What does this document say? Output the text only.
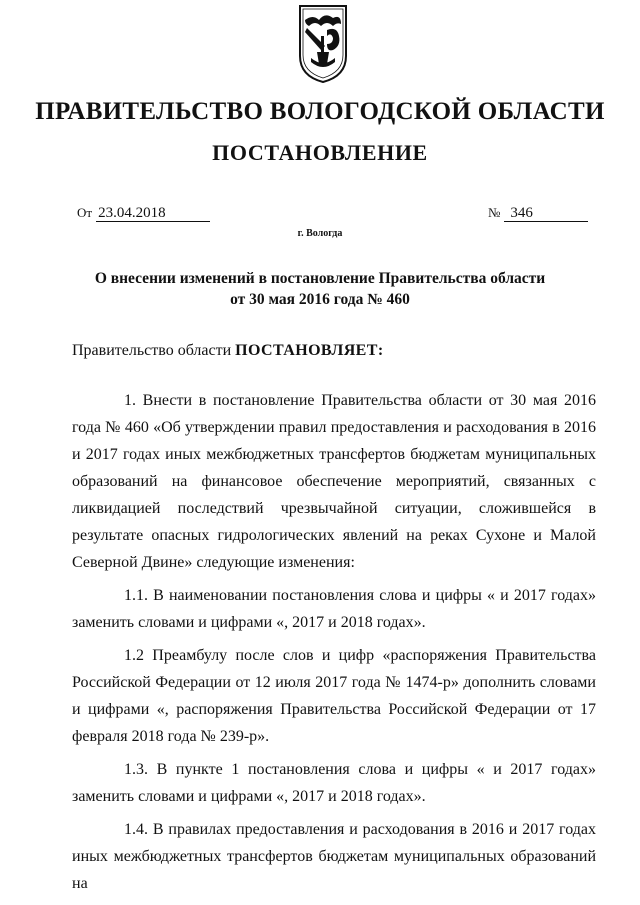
ПРАВИТЕЛЬСТВО ВОЛОГОДСКОЙ ОБЛАСТИ
ПОСТАНОВЛЕНИЕ
От 23.04.2018	№ 346
г. Вологда
О внесении изменений в постановление Правительства области
от 30 мая 2016 года № 460
Правительство области ПОСТАНОВЛЯЕТ:

1. Внести в постановление Правительства области от 30 мая 2016 года № 460 «Об утверждении правил предоставления и расходования в 2016 и 2017 годах иных межбюджетных трансфертов бюджетам муниципальных образований на финансовое обеспечение мероприятий, связанных с ликвидацией последствий чрезвычайной ситуации, сложившейся в результате опасных гидрологических явлений на реках Сухоне и Малой Северной Двине» следующие изменения:

1.1. В наименовании постановления слова и цифры « и 2017 годах» заменить словами и цифрами «, 2017 и 2018 годах».

1.2 Преамбулу после слов и цифр «распоряжения Правительства Российской Федерации от 12 июля 2017 года № 1474-р» дополнить словами и цифрами «, распоряжения Правительства Российской Федерации от 17 февраля 2018 года № 239-р».

1.3. В пункте 1 постановления слова и цифры « и 2017 годах» заменить словами и цифрами «, 2017 и 2018 годах».

1.4. В правилах предоставления и расходования в 2016 и 2017 годах иных межбюджетных трансфертов бюджетам муниципальных образований на
